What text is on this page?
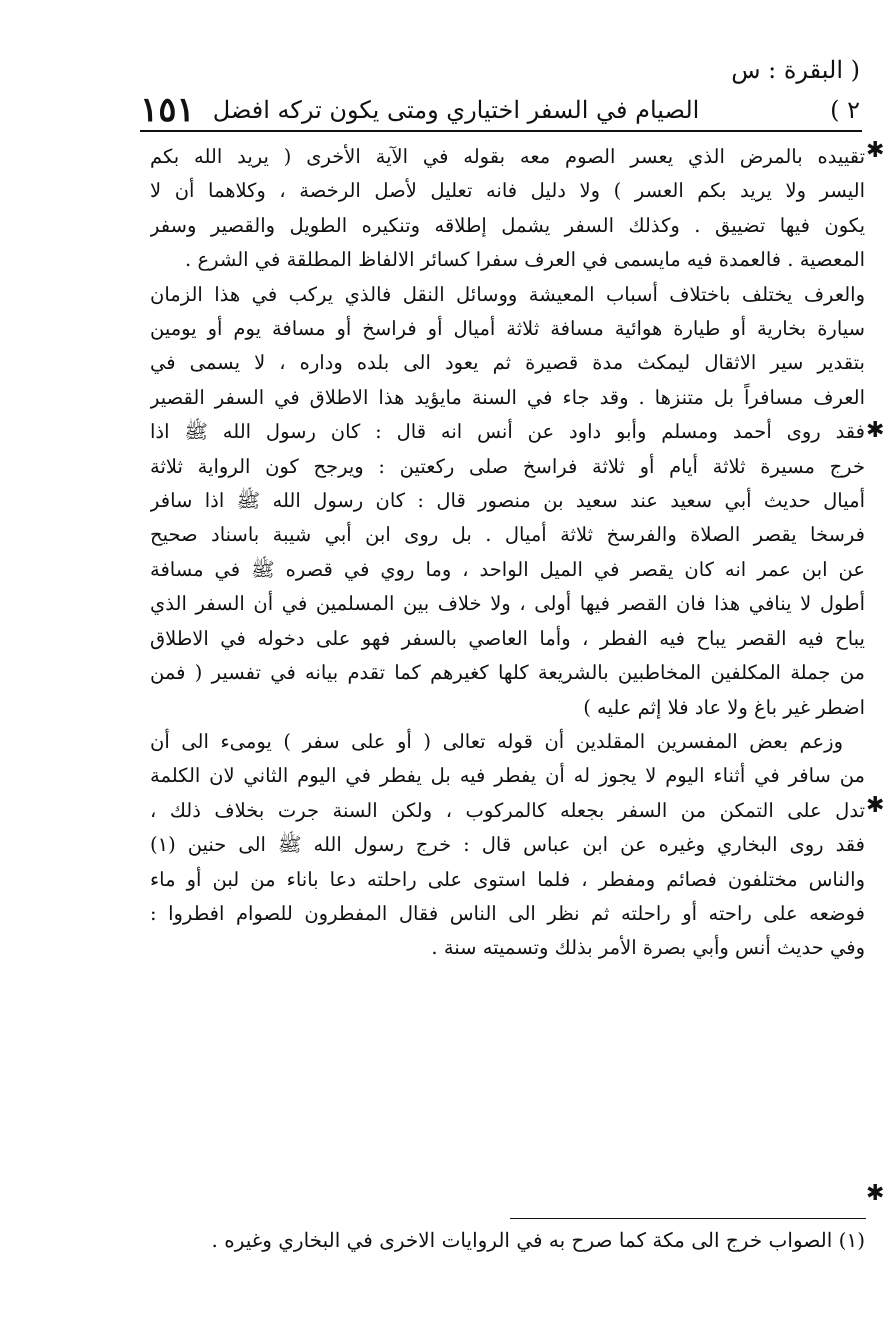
( البقرة : س ٢ )
الصيام في السفر اختياري ومتى يكون تركه افضل
١٥١
تقييده بالمرض الذي يعسر الصوم معه بقوله في الآية الأخرى ( يريد الله بكم
اليسر ولا يريد بكم العسر ) ولا دليل فانه تعليل لأصل الرخصة ، وكلاهما أن لا
يكون فيها تضييق . وكذلك السفر يشمل إطلاقه وتنكيره الطويل والقصير وسفر
المعصية . فالعمدة فيه مايسمى في العرف سفرا كسائر الالفاظ المطلقة في الشرع .
والعرف يختلف باختلاف أسباب المعيشة ووسائل النقل فالذي يركب في هذا الزمان
سيارة بخارية أو طيارة هوائية مسافة ثلاثة أميال أو فراسخ أو مسافة يوم أو يومين
بتقدير سير الاثقال ليمكث مدة قصيرة ثم يعود الى بلده وداره ، لا يسمى في
العرف مسافراً بل متنزها . وقد جاء في السنة مايؤيد هذا الاطلاق في السفر القصير
فقد روى أحمد ومسلم وأبو داود عن أنس انه قال : كان رسول الله ﷺ اذا
خرج مسيرة ثلاثة أيام أو ثلاثة فراسخ صلى ركعتين : ويرجح كون الرواية ثلاثة
أميال حديث أبي سعيد عند سعيد بن منصور قال : كان رسول الله ﷺ اذا سافر
فرسخا يقصر الصلاة والفرسخ ثلاثة أميال . بل روى ابن أبي شيبة باسناد صحيح
عن ابن عمر انه كان يقصر في الميل الواحد ، وما روي في قصره ﷺ في مسافة
أطول لا ينافي هذا فان القصر فيها أولى ، ولا خلاف بين المسلمين في أن السفر الذي
يباح فيه القصر يباح فيه الفطر ، وأما العاصي بالسفر فهو على دخوله في الاطلاق
من جملة المكلفين المخاطبين بالشريعة كلها كغيرهم كما تقدم بيانه في تفسير ( فمن
اضطر غير باغ ولا عاد فلا إثم عليه )
وزعم بعض المفسرين المقلدين أن قوله تعالى ( أو على سفر ) يومىء الى أن
من سافر في أثناء اليوم لا يجوز له أن يفطر فيه بل يفطر في اليوم الثاني لان الكلمة
تدل على التمكن من السفر بجعله كالمركوب ، ولكن السنة جرت بخلاف ذلك ،
فقد روى البخاري وغيره عن ابن عباس قال : خرج رسول الله ﷺ الى حنين (١)
والناس مختلفون فصائم ومفطر ، فلما استوى على راحلته دعا باناء من لبن أو ماء
فوضعه على راحته أو راحلته ثم نظر الى الناس فقال المفطرون للصوام افطروا :
وفي حديث أنس وأبي بصرة الأمر بذلك وتسميته سنة .
(١) الصواب خرج الى مكة كما صرح به في الروايات الاخرى في البخاري وغيره .
✱
✱
✱
✱
